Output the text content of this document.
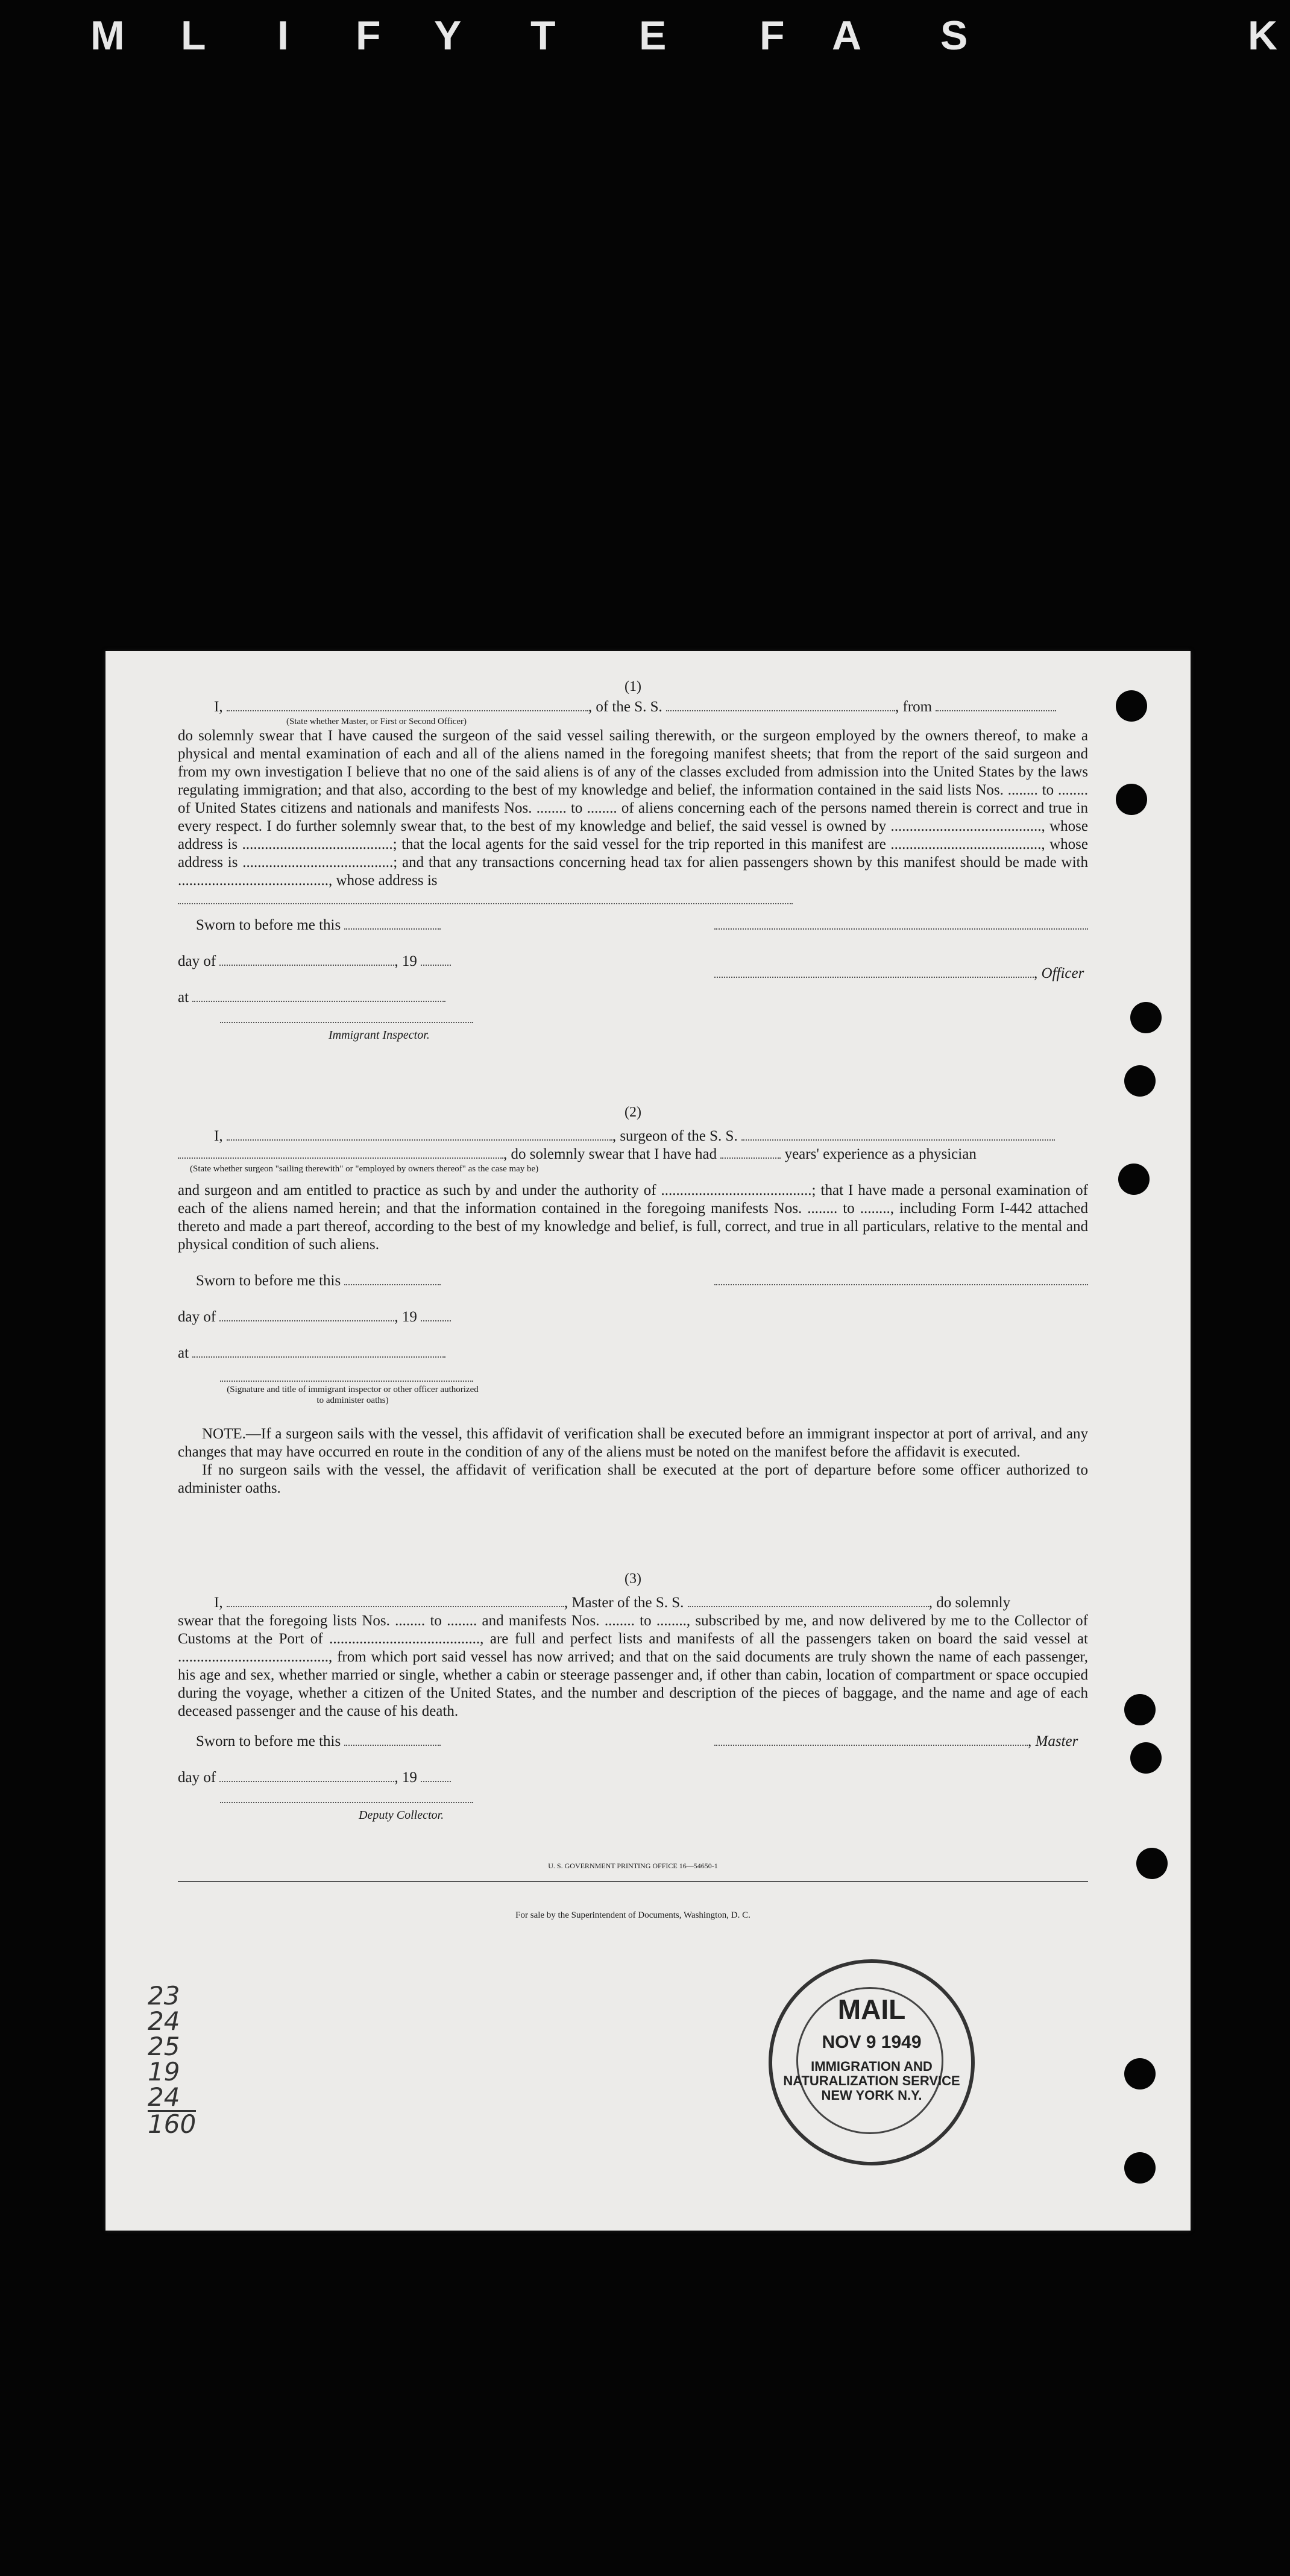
K
S
A
F
E
T
Y
F
I
L
M
(1)
I,	, of the S. S.	, from
(State whether Master, or First or Second Officer)

do solemnly swear that I have caused the surgeon of the said vessel sailing therewith, or the surgeon employed by the owners thereof, to make a physical and mental examination of each and all of the aliens named in the foregoing manifest sheets; that from the report of the said surgeon and from my own investigation I believe that no one of the said aliens is of any of the classes excluded from admission into the United States by the laws regulating immigration; and that also, according to the best of my knowledge and belief, the information contained in the said lists Nos. ........ to ........ of United States citizens and nationals and manifests Nos. ........ to ........ of aliens concerning each of the persons named therein is correct and true in every respect. I do further solemnly swear that, to the best of my knowledge and belief, the said vessel is owned by ........................................, whose address is ........................................; that the local agents for the said vessel for the trip reported in this manifest are ........................................, whose address is ........................................; and that any transactions concerning head tax for alien passengers shown by this manifest should be made with ........................................, whose address is

Sworn to before me this
day of	, 19
at
Immigrant Inspector.
, Officer
(2)
I,	, surgeon of the S. S.
, do solemnly swear that I have had	years' experience as a physician
(State whether surgeon "sailing therewith" or "employed by owners thereof" as the case may be)

and surgeon and am entitled to practice as such by and under the authority of ........................................; that I have made a personal examination of each of the aliens named herein; and that the information contained in the foregoing manifests Nos. ........ to ........, including Form I-442 attached thereto and made a part thereof, according to the best of my knowledge and belief, is full, correct, and true in all particulars, relative to the mental and physical condition of such aliens.

Sworn to before me this
day of	, 19
at
(Signature and title of immigrant inspector or other officer authorized to administer oaths)

NOTE.—If a surgeon sails with the vessel, this affidavit of verification shall be executed before an immigrant inspector at port of arrival, and any changes that may have occurred en route in the condition of any of the aliens must be noted on the manifest before the affidavit is executed.

If no surgeon sails with the vessel, the affidavit of verification shall be executed at the port of departure before some officer authorized to administer oaths.

(3)
I,	, Master of the S. S.	, do solemnly

swear that the foregoing lists Nos. ........ to ........ and manifests Nos. ........ to ........, subscribed by me, and now delivered by me to the Collector of Customs at the Port of ........................................, are full and perfect lists and manifests of all the passengers taken on board the said vessel at ........................................, from which port said vessel has now arrived; and that on the said documents are truly shown the name of each passenger, his age and sex, whether married or single, whether a cabin or steerage passenger and, if other than cabin, location of compartment or space occupied during the voyage, whether a citizen of the United States, and the number and description of the pieces of baggage, and the name and age of each deceased passenger and the cause of his death.

Sworn to before me this
day of	, 19
Deputy Collector.
, Master
U. S. GOVERNMENT PRINTING OFFICE 16—54650-1
For sale by the Superintendent of Documents, Washington, D. C.
MAIL
NOV 9 1949
IMMIGRATION AND NATURALIZATION SERVICE NEW YORK N.Y.
23
24
25
19
24
160
